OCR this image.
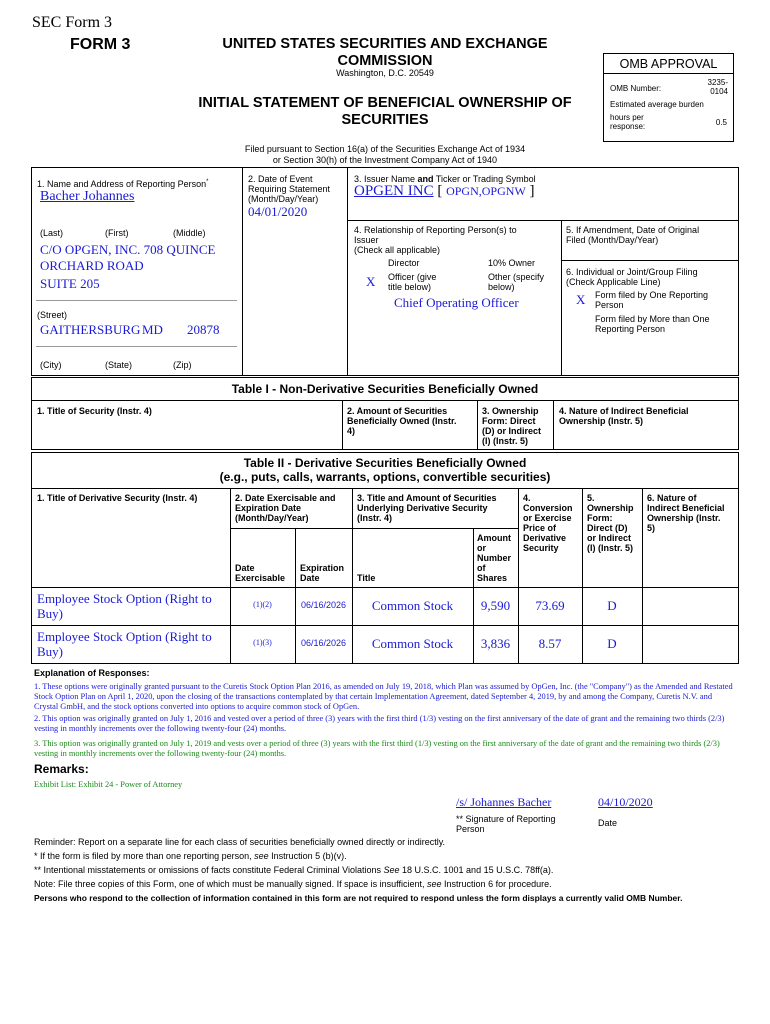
SEC Form 3
FORM 3	UNITED STATES SECURITIES AND EXCHANGE
COMMISSION
Washington, D.C. 20549
INITIAL STATEMENT OF BENEFICIAL OWNERSHIP OF
SECURITIES
Filed pursuant to Section 16(a) of the Securities Exchange Act of 1934
or Section 30(h) of the Investment Company Act of 1940
OMB APPROVAL
OMB Number:
3235-
0104
Estimated average burden
hours per
response:	0.5
1. Name and Address of Reporting Person*
Bacher Johannes
(Last)	(First)	(Middle)
C/O OPGEN, INC. 708 QUINCE
ORCHARD ROAD
SUITE 205
(Street)
GAITHERSBURG MD 20878
(City)	(State)	(Zip)
2. Date of Event
Requiring Statement
(Month/Day/Year)
04/01/2020
3. Issuer Name and Ticker or Trading Symbol
OPGEN INC [ OPGN,OPGNW ]
4. Relationship of Reporting Person(s) to
Issuer
(Check all applicable)
Director	10% Owner
X Officer (give
title below)
Other (specify
below)
Chief Operating Officer
5. If Amendment, Date of Original
Filed (Month/Day/Year)
6. Individual or Joint/Group Filing
(Check Applicable Line)
X Form filed by One Reporting
Person
Form filed by More than One
Reporting Person
Table I - Non-Derivative Securities Beneficially Owned
1. Title of Security (Instr. 4)	2. Amount of Securities
Beneficially Owned (Instr.
4)
3. Ownership
Form: Direct
(D) or Indirect
(I) (Instr. 5)
4. Nature of Indirect Beneficial
Ownership (Instr. 5)
Table II - Derivative Securities Beneficially Owned
(e.g., puts, calls, warrants, options, convertible securities)
1. Title of Derivative Security (Instr. 4)	2. Date Exercisable and
Expiration Date
(Month/Day/Year)
3. Title and Amount of Securities
Underlying Derivative Security
(Instr. 4)
4.
Conversion
or Exercise
Price of
Derivative
Security
5.
Ownership
Form:
Direct (D)
or Indirect
(I) (Instr. 5)
6. Nature of
Indirect Beneficial
Ownership (Instr.
5)
Date
Exercisable
Expiration
Date	Title
Amount
or
Number
of
Shares
Employee Stock Option (Right to
Buy)
(1)(2)	06/16/2026	Common Stock	9,590	73.69	D
Employee Stock Option (Right to
Buy)
(1)(3)	06/16/2026	Common Stock	3,836	8.57	D
Explanation of Responses:
1. These options were originally granted pursuant to the Curetis Stock Option Plan 2016, as amended on July 19, 2018, which Plan was assumed by OpGen, Inc. (the "Company") as the Amended and Restated Stock Option Plan on April 1, 2020, upon the closing of the transactions contemplated by that certain Implementation Agreement, dated September 4, 2019, by and among the Company, Curetis N.V. and Crystal GmbH, and the stock options converted into options to acquire common stock of OpGen.
2. This option was originally granted on July 1, 2016 and vested over a period of three (3) years with the first third (1/3) vesting on the first anniversary of the date of grant and the remaining two thirds (2/3) vesting in monthly increments over the following twenty-four (24) months.
3. This option was originally granted on July 1, 2019 and vests over a period of three (3) years with the first third (1/3) vesting on the first anniversary of the date of grant and the remaining two thirds (2/3) vesting in monthly increments over the following twenty-four (24) months.
Remarks:
Exhibit List: Exhibit 24 - Power of Attorney
/s/ Johannes Bacher	04/10/2020
** Signature of Reporting
Person
Date
Reminder: Report on a separate line for each class of securities beneficially owned directly or indirectly.
* If the form is filed by more than one reporting person, see Instruction 5 (b)(v).
** Intentional misstatements or omissions of facts constitute Federal Criminal Violations See 18 U.S.C. 1001 and 15 U.S.C. 78ff(a).
Note: File three copies of this Form, one of which must be manually signed. If space is insufficient, see Instruction 6 for procedure.
Persons who respond to the collection of information contained in this form are not required to respond unless the form displays a currently valid OMB Number.
